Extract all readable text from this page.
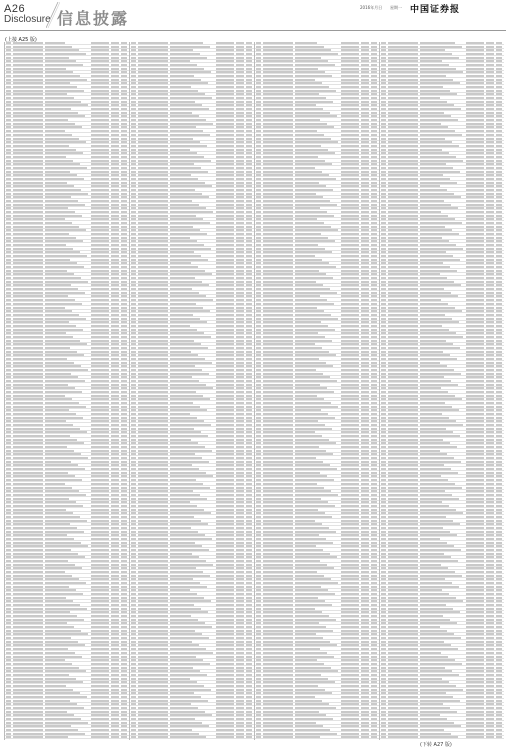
A26
Disclosure 信息披露
2016年月日 星期一 中国证券报
(上接 A25 版)
(下转 A27 版)
